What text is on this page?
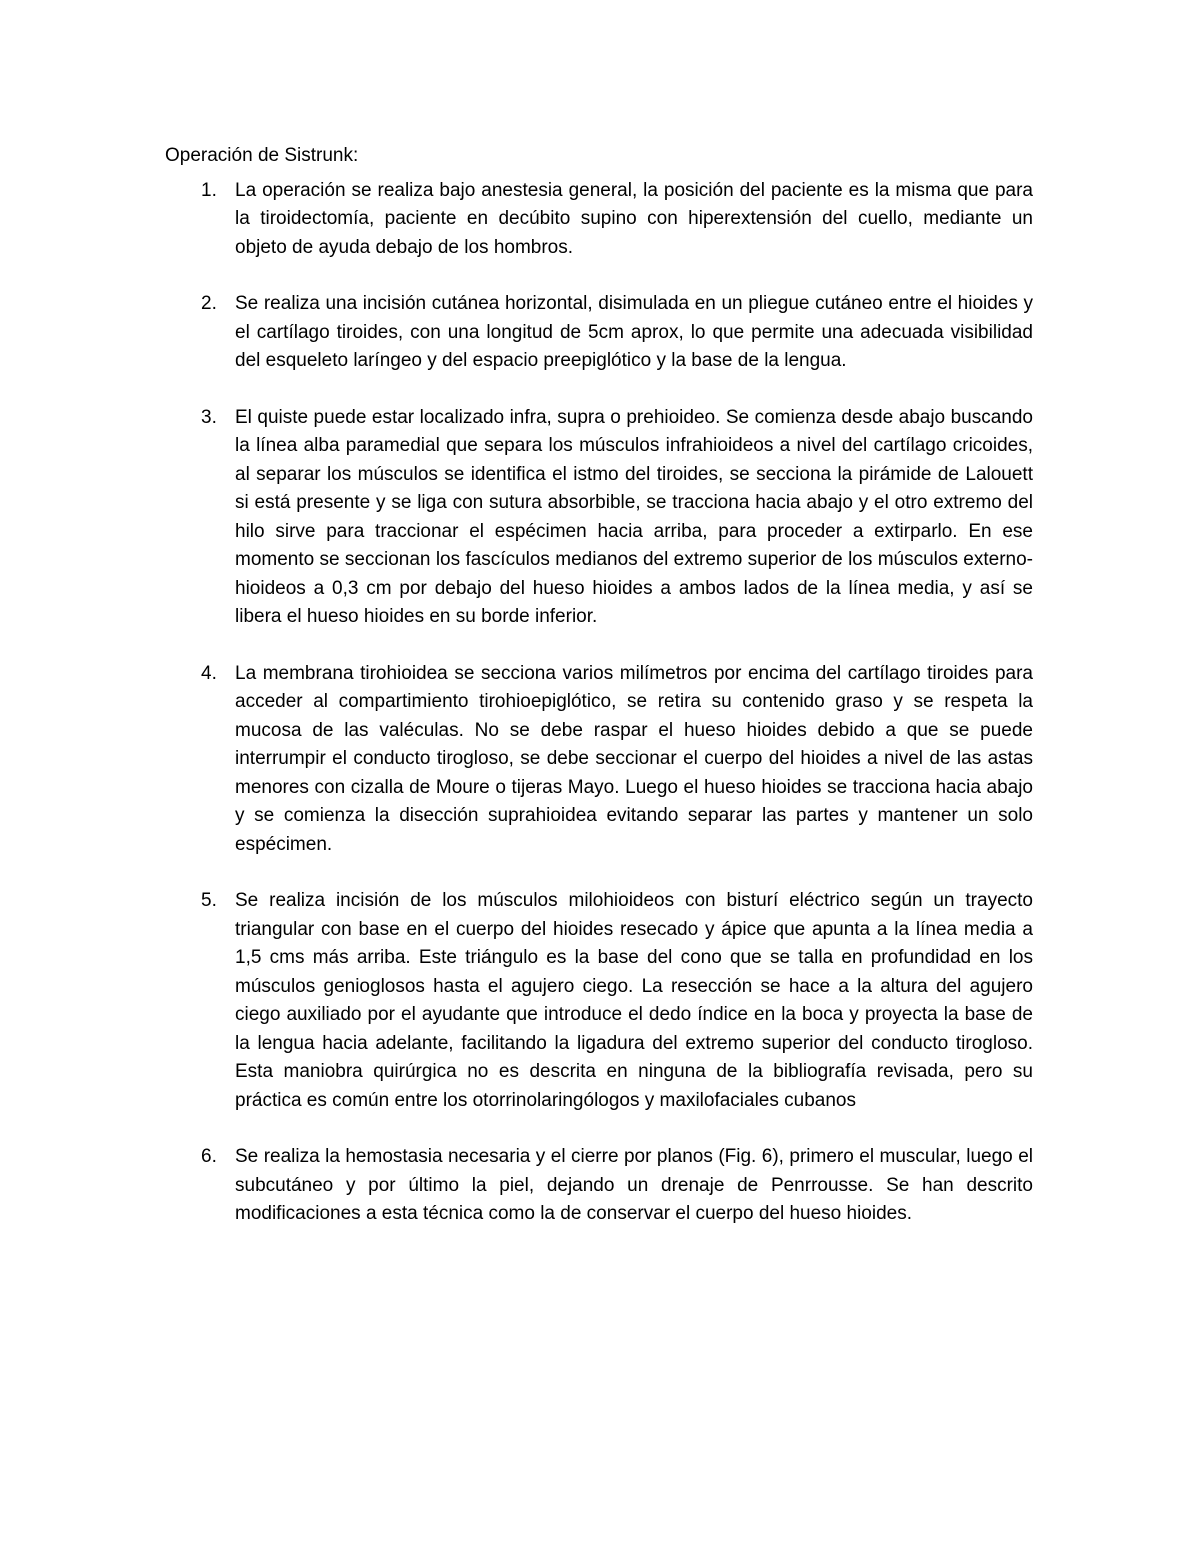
Operación de Sistrunk:

1. La operación se realiza bajo anestesia general, la posición del paciente es la misma que para la tiroidectomía, paciente en decúbito supino con hiperextensión del cuello, mediante un objeto de ayuda debajo de los hombros.
2. Se realiza una incisión cutánea horizontal, disimulada en un pliegue cutáneo entre el hioides y el cartílago tiroides, con una longitud de 5cm aprox, lo que permite una adecuada visibilidad del esqueleto laríngeo y del espacio preepiglótico y la base de la lengua.
3. El quiste puede estar localizado infra, supra o prehioideo. Se comienza desde abajo buscando la línea alba paramedial que separa los músculos infrahioideos a nivel del cartílago cricoides, al separar los músculos se identifica el istmo del tiroides, se secciona la pirámide de Lalouett si está presente y se liga con sutura absorbible, se tracciona hacia abajo y el otro extremo del hilo sirve para traccionar el espécimen hacia arriba, para proceder a extirparlo. En ese momento se seccionan los fascículos medianos del extremo superior de los músculos externo-hioideos a 0,3 cm por debajo del hueso hioides a ambos lados de la línea media, y así se libera el hueso hioides en su borde inferior.
4. La membrana tirohioidea se secciona varios milímetros por encima del cartílago tiroides para acceder al compartimiento tirohioepiglótico, se retira su contenido graso y se respeta la mucosa de las valéculas. No se debe raspar el hueso hioides debido a que se puede interrumpir el conducto tirogloso, se debe seccionar el cuerpo del hioides a nivel de las astas menores con cizalla de Moure o tijeras Mayo. Luego el hueso hioides se tracciona hacia abajo y se comienza la disección suprahioidea evitando separar las partes y mantener un solo espécimen.
5. Se realiza incisión de los músculos milohioideos con bisturí eléctrico según un trayecto triangular con base en el cuerpo del hioides resecado y ápice que apunta a la línea media a 1,5 cms más arriba. Este triángulo es la base del cono que se talla en profundidad en los músculos genioglosos hasta el agujero ciego. La resección se hace a la altura del agujero ciego auxiliado por el ayudante que introduce el dedo índice en la boca y proyecta la base de la lengua hacia adelante, facilitando la ligadura del extremo superior del conducto tirogloso. Esta maniobra quirúrgica no es descrita en ninguna de la bibliografía revisada, pero su práctica es común entre los otorrinolaringólogos y maxilofaciales cubanos
6. Se realiza la hemostasia necesaria y el cierre por planos (Fig. 6), primero el muscular, luego el subcutáneo y por último la piel, dejando un drenaje de Penrrousse. Se han descrito modificaciones a esta técnica como la de conservar el cuerpo del hueso hioides.
